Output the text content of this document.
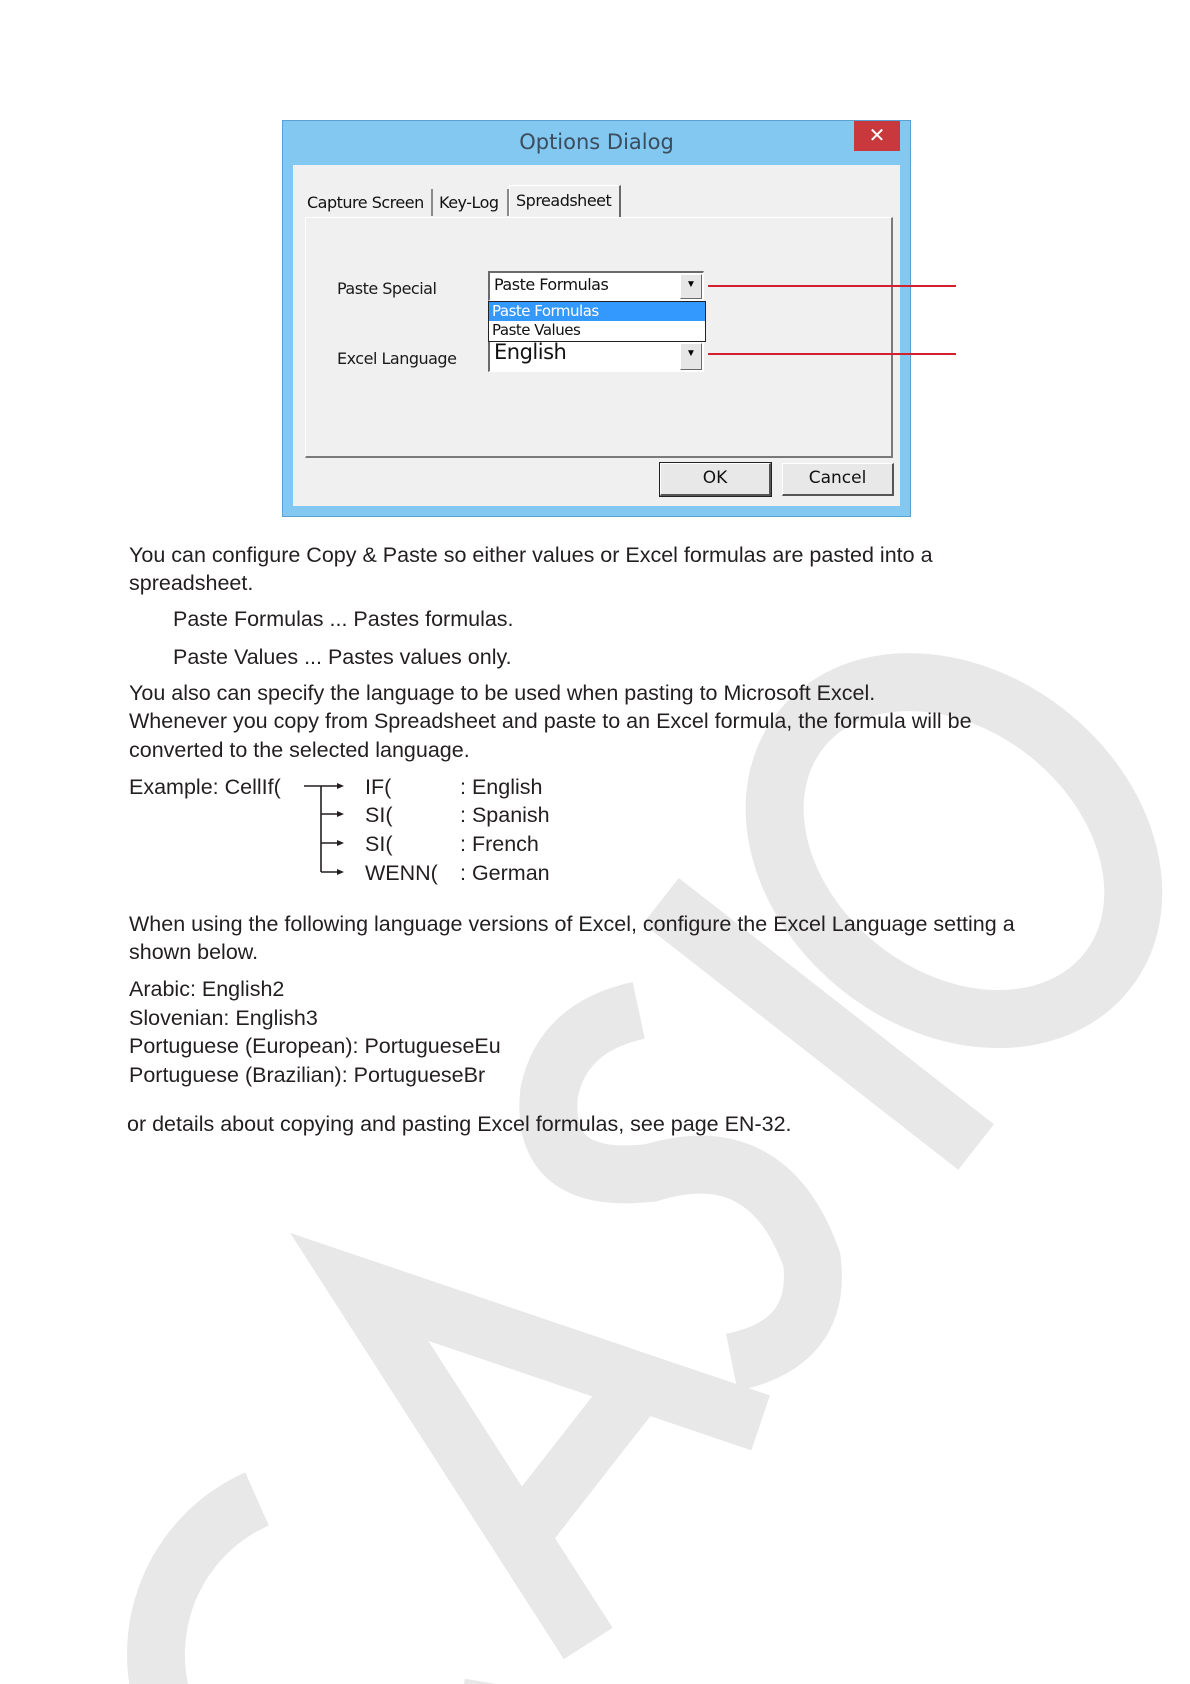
Options Dialog	✕
Capture Screen Key-Log	Spreadsheet
Paste Special	Paste Formulas	▼
Paste Formulas
Paste Values
Excel Language English	▼
OK	Cancel
You can configure Copy & Paste so either values or Excel formulas are pasted into a
spreadsheet.
Paste Formulas ... Pastes formulas.
Paste Values ... Pastes values only.
You also can specify the language to be used when pasting to Microsoft Excel.
Whenever you copy from Spreadsheet and paste to an Excel formula, the formula will be
converted to the selected language.
Example: CellIf(	IF(	: English
SI(	: Spanish
SI(	: French
WENN( : German
When using the following language versions of Excel, configure the Excel Language setting a
shown below.
Arabic: English2
Slovenian: English3
Portuguese (European): PortugueseEu
Portuguese (Brazilian): PortugueseBr
or details about copying and pasting Excel formulas, see page EN-32.
